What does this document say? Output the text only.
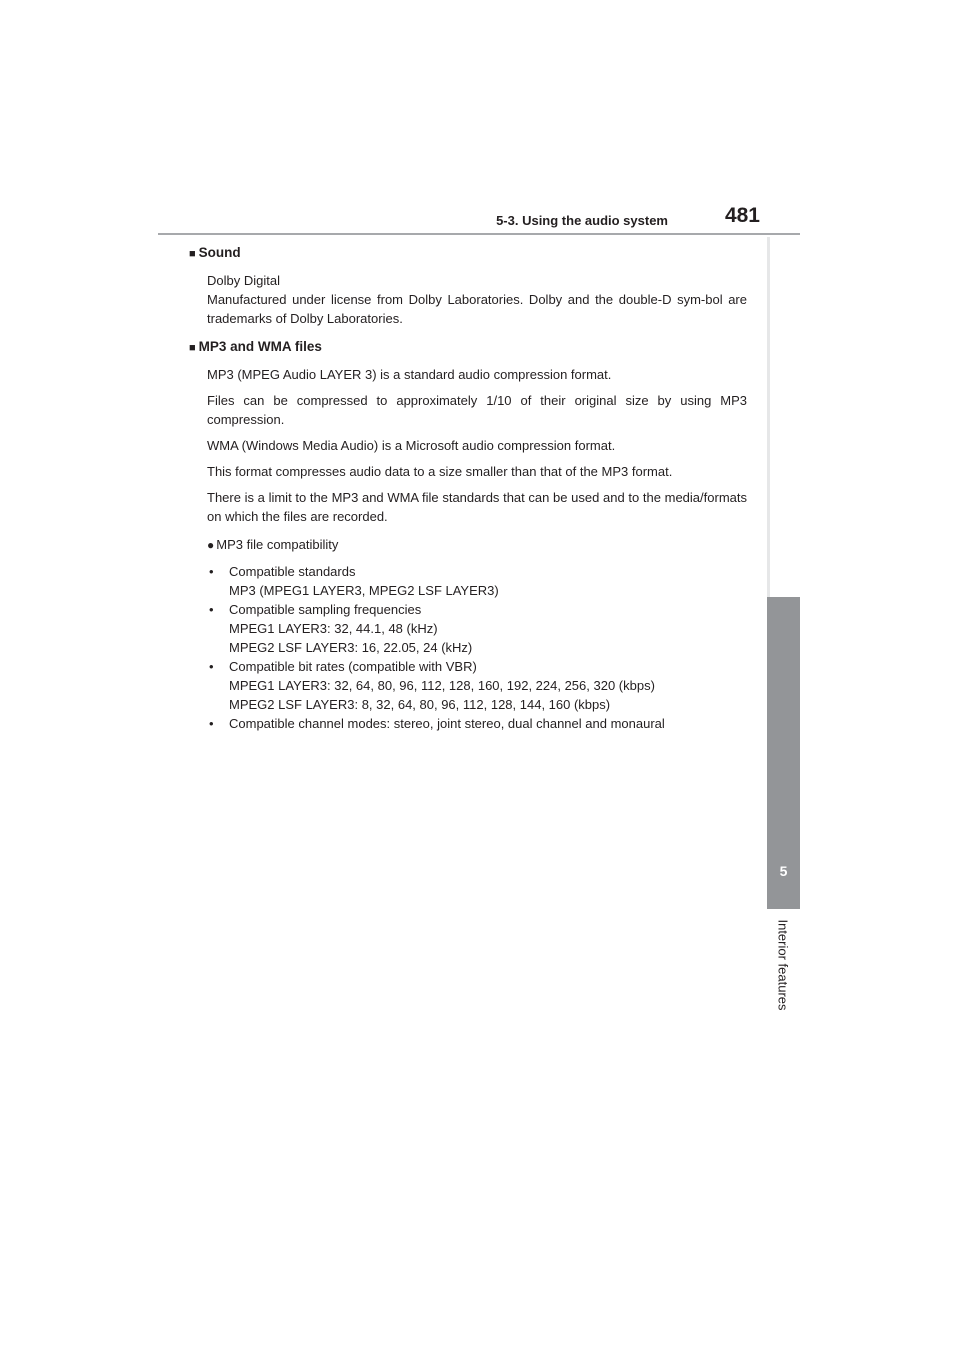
5-3. Using the audio system	481
5
Interior features
■ Sound

Dolby Digital

Manufactured under license from Dolby Laboratories. Dolby and the double-D sym-bol are trademarks of Dolby Laboratories.

■ MP3 and WMA files

MP3 (MPEG Audio LAYER 3) is a standard audio compression format.

Files can be compressed to approximately 1/10 of their original size by using MP3 compression.

WMA (Windows Media Audio) is a Microsoft audio compression format.

This format compresses audio data to a size smaller than that of the MP3 format.

There is a limit to the MP3 and WMA file standards that can be used and to the media/formats on which the files are recorded.

● MP3 file compatibility
• Compatible standards
MP3 (MPEG1 LAYER3, MPEG2 LSF LAYER3)
• Compatible sampling frequencies
MPEG1 LAYER3: 32, 44.1, 48 (kHz)
MPEG2 LSF LAYER3: 16, 22.05, 24 (kHz)
• Compatible bit rates (compatible with VBR)
MPEG1 LAYER3: 32, 64, 80, 96, 112, 128, 160, 192, 224, 256, 320 (kbps)
MPEG2 LSF LAYER3: 8, 32, 64, 80, 96, 112, 128, 144, 160 (kbps)
• Compatible channel modes: stereo, joint stereo, dual channel and monaural
